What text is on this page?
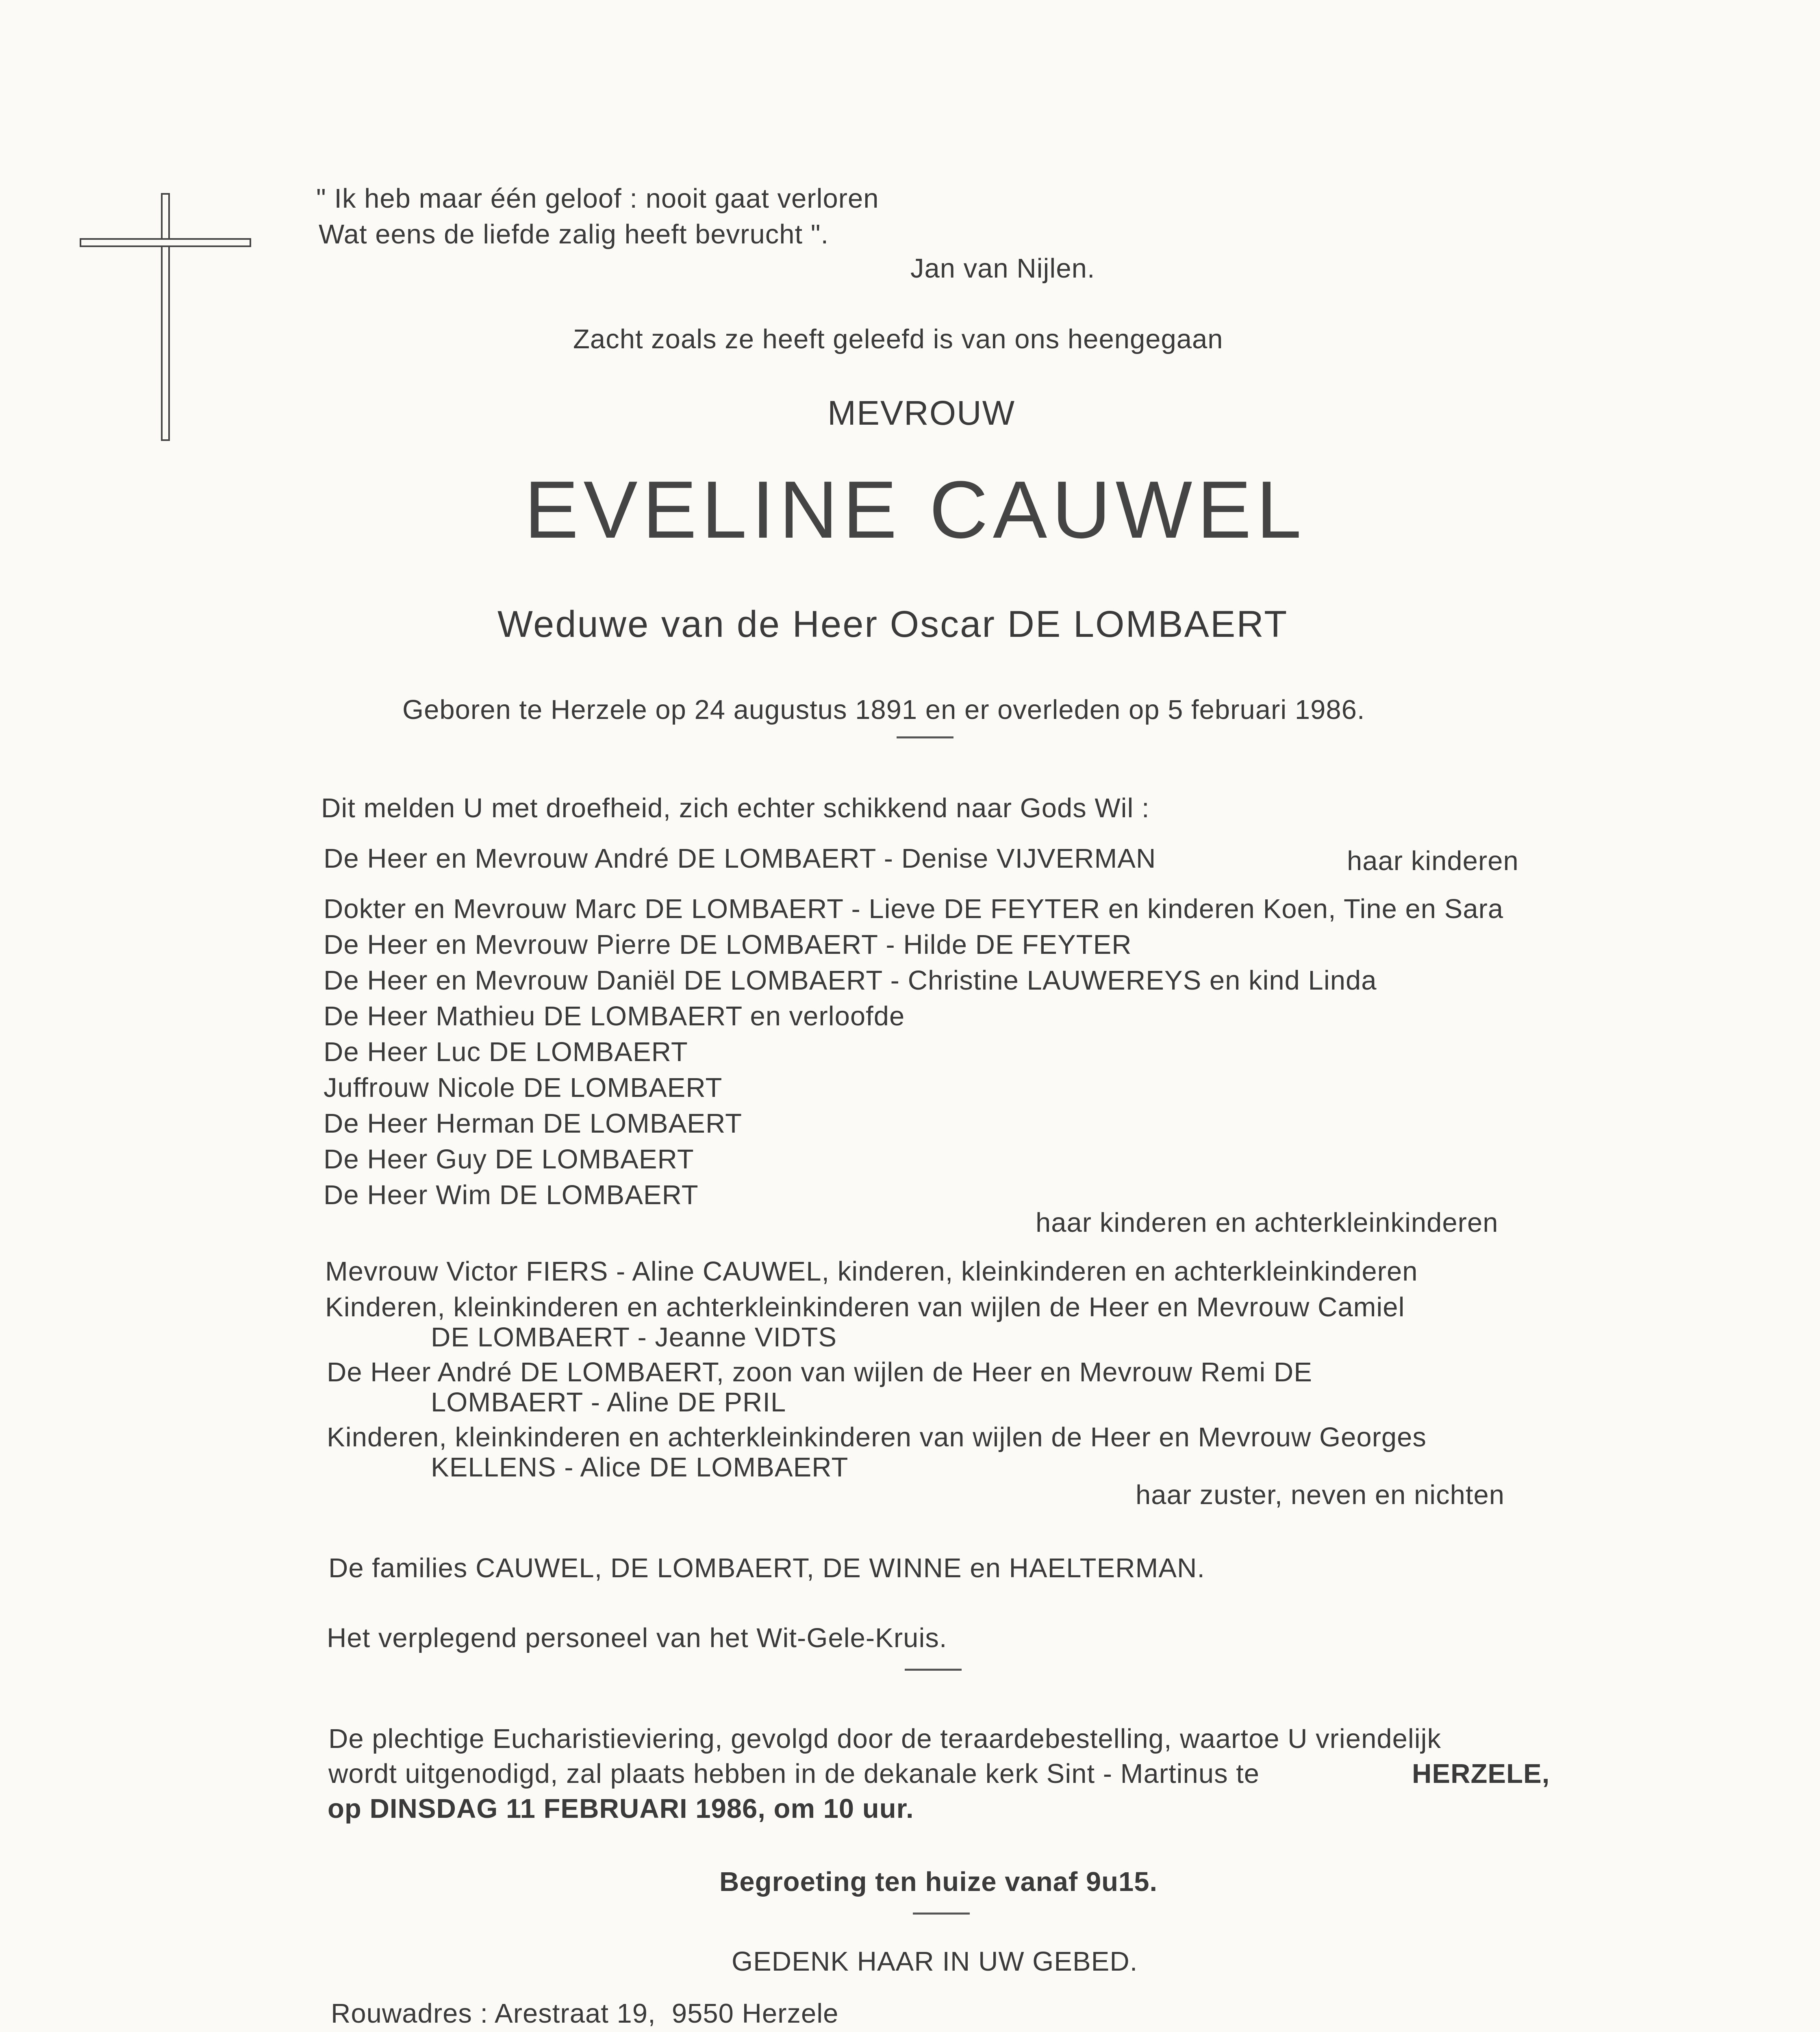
" Ik heb maar één geloof : nooit gaat verloren
Wat eens de liefde zalig heeft bevrucht ".
Jan van Nijlen.
Zacht zoals ze heeft geleefd is van ons heengegaan
MEVROUW
EVELINE CAUWEL
Weduwe van de Heer Oscar DE LOMBAERT
Geboren te Herzele op 24 augustus 1891 en er overleden op 5 februari 1986.
Dit melden U met droefheid, zich echter schikkend naar Gods Wil :
De Heer en Mevrouw André DE LOMBAERT - Denise VIJVERMAN	haar kinderen
Dokter en Mevrouw Marc DE LOMBAERT - Lieve DE FEYTER en kinderen Koen, Tine en Sara
De Heer en Mevrouw Pierre DE LOMBAERT - Hilde DE FEYTER
De Heer en Mevrouw Daniël DE LOMBAERT - Christine LAUWEREYS en kind Linda
De Heer Mathieu DE LOMBAERT en verloofde
De Heer Luc DE LOMBAERT
Juffrouw Nicole DE LOMBAERT
De Heer Herman DE LOMBAERT
De Heer Guy DE LOMBAERT
De Heer Wim DE LOMBAERT
haar kinderen en achterkleinkinderen
Mevrouw Victor FIERS - Aline CAUWEL, kinderen, kleinkinderen en achterkleinkinderen
Kinderen, kleinkinderen en achterkleinkinderen van wijlen de Heer en Mevrouw Camiel
DE LOMBAERT - Jeanne VIDTS
De Heer André DE LOMBAERT, zoon van wijlen de Heer en Mevrouw Remi DE
LOMBAERT - Aline DE PRIL
Kinderen, kleinkinderen en achterkleinkinderen van wijlen de Heer en Mevrouw Georges
KELLENS - Alice DE LOMBAERT
haar zuster, neven en nichten
De families CAUWEL, DE LOMBAERT, DE WINNE en HAELTERMAN.
Het verplegend personeel van het Wit-Gele-Kruis.
De plechtige Eucharistieviering, gevolgd door de teraardebestelling, waartoe U vriendelijk
wordt uitgenodigd, zal plaats hebben in de dekanale kerk Sint - Martinus te	HERZELE,
op DINSDAG 11 FEBRUARI 1986, om 10 uur.
Begroeting ten huize vanaf 9u15.
GEDENK HAAR IN UW GEBED.
Rouwadres : Arestraat 19,  9550 Herzele
